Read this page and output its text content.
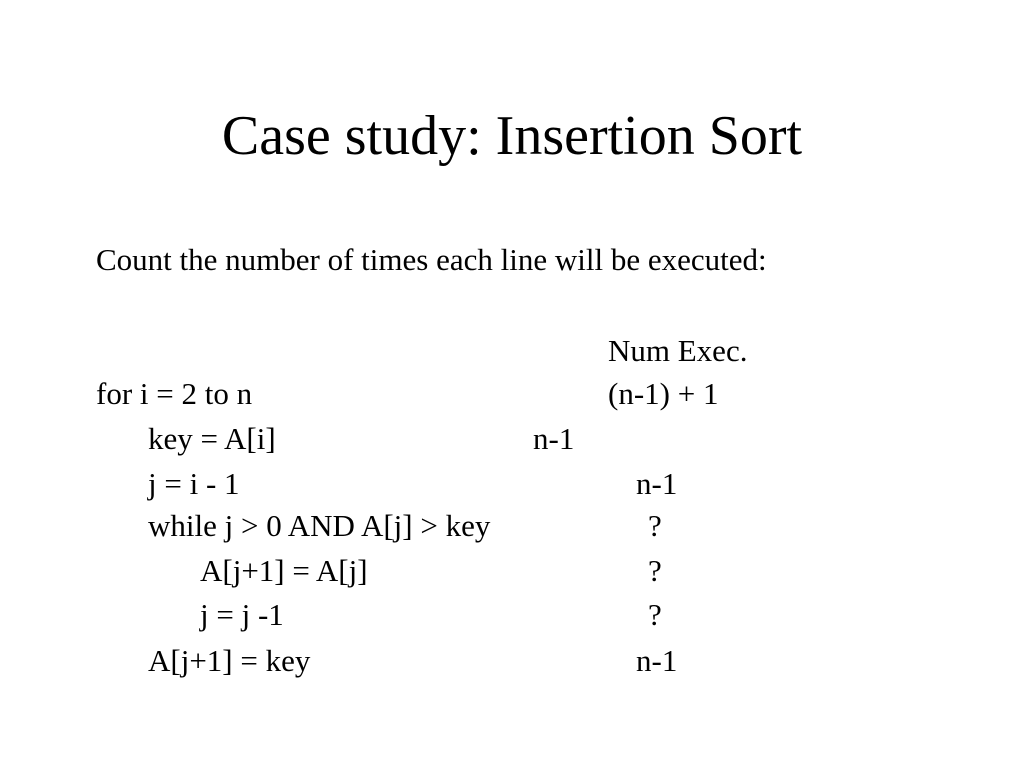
Case study: Insertion Sort
Count the number of times each line will be executed:
Num Exec.
for i = 2 to n	(n-1) + 1
key = A[i]	n-1
j = i - 1	n-1
while j > 0 AND A[j] > key	?
A[j+1] = A[j]	?
j = j -1	?
A[j+1] = key	n-1
